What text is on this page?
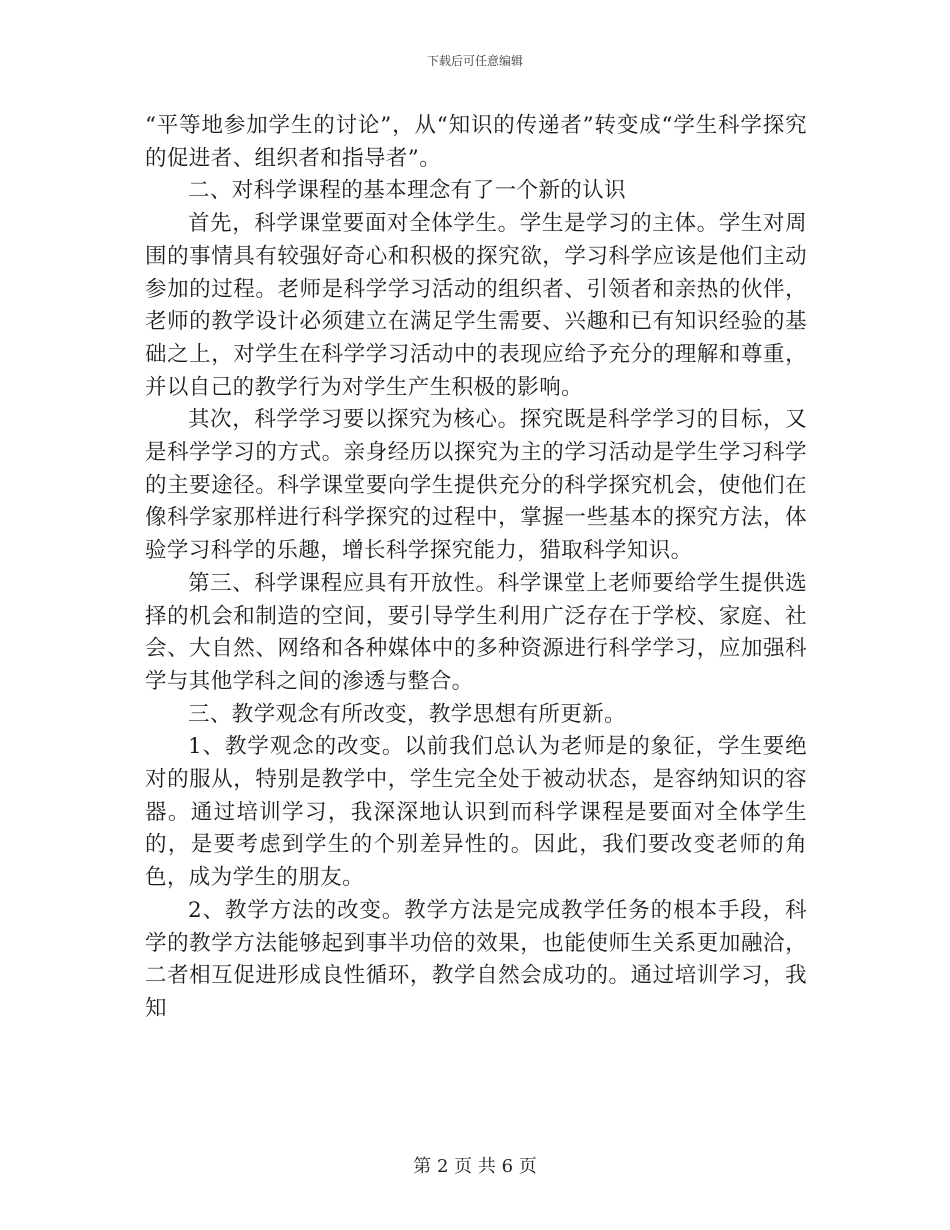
下载后可任意编辑

“平等地参加学生的讨论”，从“知识的传递者”转变成“学生科学探究的促进者、组织者和指导者”。

二、对科学课程的基本理念有了一个新的认识

首先，科学课堂要面对全体学生。学生是学习的主体。学生对周围的事情具有较强好奇心和积极的探究欲，学习科学应该是他们主动参加的过程。老师是科学学习活动的组织者、引领者和亲热的伙伴，老师的教学设计必须建立在满足学生需要、兴趣和已有知识经验的基础之上，对学生在科学学习活动中的表现应给予充分的理解和尊重，并以自己的教学行为对学生产生积极的影响。

其次，科学学习要以探究为核心。探究既是科学学习的目标，又是科学学习的方式。亲身经历以探究为主的学习活动是学生学习科学的主要途径。科学课堂要向学生提供充分的科学探究机会，使他们在像科学家那样进行科学探究的过程中，掌握一些基本的探究方法，体验学习科学的乐趣，增长科学探究能力，猎取科学知识。

第三、科学课程应具有开放性。科学课堂上老师要给学生提供选择的机会和制造的空间，要引导学生利用广泛存在于学校、家庭、社会、大自然、网络和各种媒体中的多种资源进行科学学习，应加强科学与其他学科之间的渗透与整合。

三、教学观念有所改变，教学思想有所更新。

1、教学观念的改变。以前我们总认为老师是的象征，学生要绝对的服从，特别是教学中，学生完全处于被动状态，是容纳知识的容器。通过培训学习，我深深地认识到而科学课程是要面对全体学生的，是要考虑到学生的个别差异性的。因此，我们要改变老师的角色，成为学生的朋友。

2、教学方法的改变。教学方法是完成教学任务的根本手段，科学的教学方法能够起到事半功倍的效果，也能使师生关系更加融洽，二者相互促进形成良性循环，教学自然会成功的。通过培训学习，我知

第 2 页 共 6 页
